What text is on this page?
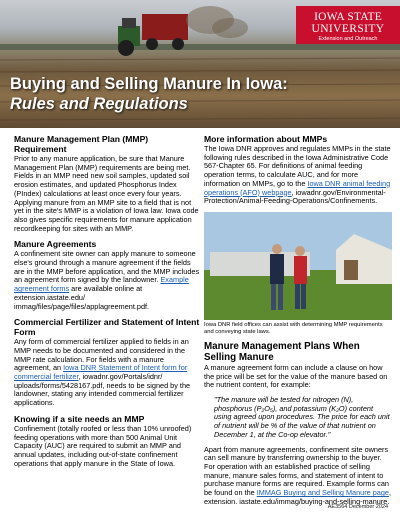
IOWA STATE
UNIVERSITY
Extension and Outreach
Buying and Selling Manure In Iowa:
Rules and Regulations
Manure Management Plan (MMP) Requirement

Prior to any manure application, be sure that Manure Management Plan (MMP) requirements are being met. Fields in an MMP need new soil samples, updated soil erosion estimates, and updated Phosphorus Index (PIndex) calculations at least once every four years. Applying manure from an MMP site to a field that is not yet in the site's MMP is a violation of Iowa law. Iowa code also gives specific requirements for manure application recordkeeping for sites with an MMP.

Manure Agreements

A confinement site owner can apply manure to someone else's ground through a manure agreement if the fields are in the MMP before application, and the MMP includes an agreement form signed by the landowner. Example agreement forms are available online at extension.iastate.edu/ immag/files/page/files/applagreement.pdf.

Commercial Fertilizer and Statement of Intent Form

Any form of commercial fertilizer applied to fields in an MMP needs to be documented and considered in the MMP rate calculation. For fields with a manure agreement, an Iowa DNR Statement of Intent form for commercial fertilizer, iowadnr.gov/Portals/idnr/ uploads/forms/5428167.pdf, needs to be signed by the landowner, stating any intended commercial fertilizer applications.

Knowing if a site needs an MMP

Confinement (totally roofed or less than 10% unroofed) feeding operations with more than 500 Animal Unit Capacity (AUC) are required to submit an MMP and annual updates, including out-of-state confinement operations that apply manure in the State of Iowa.

More information about MMPs

The Iowa DNR approves and regulates MMPs in the state following rules described in the Iowa Administrative Code 567-Chapter 65. For definitions of animal feeding operation terms, to calculate AUC, and for more information on MMPs, go to the Iowa DNR animal feeding operations (AFO) webpage, iowadnr.gov/Environmental-Protection/Animal-Feeding-Operations/Confinements.

Iowa DNR field offices can assist with determining MMP requirements and conveying state laws.
Manure Management Plans When Selling Manure

A manure agreement form can include a clause on how the price will be set for the value of the manure based on the nutrient content, for example:

"The manure will be tested for nitrogen (N), phosphorus (P₂O₅), and potassium (K₂O) content using agreed upon procedures. The price for each unit of nutrient will be % of the value of that nutrient on December 1, at the Co-op elevator."

Apart from manure agreements, confinement site owners can sell manure by transferring ownership to the buyer. For operation with an established practice of selling manure, manure sales forms, and statement of intent to purchase manure forms are required. Example forms can be found on the IMMAG Buying and Selling Manure page, extension. iastate.edu/immag/buying-and-selling-manure.

AE3564 December 2024
